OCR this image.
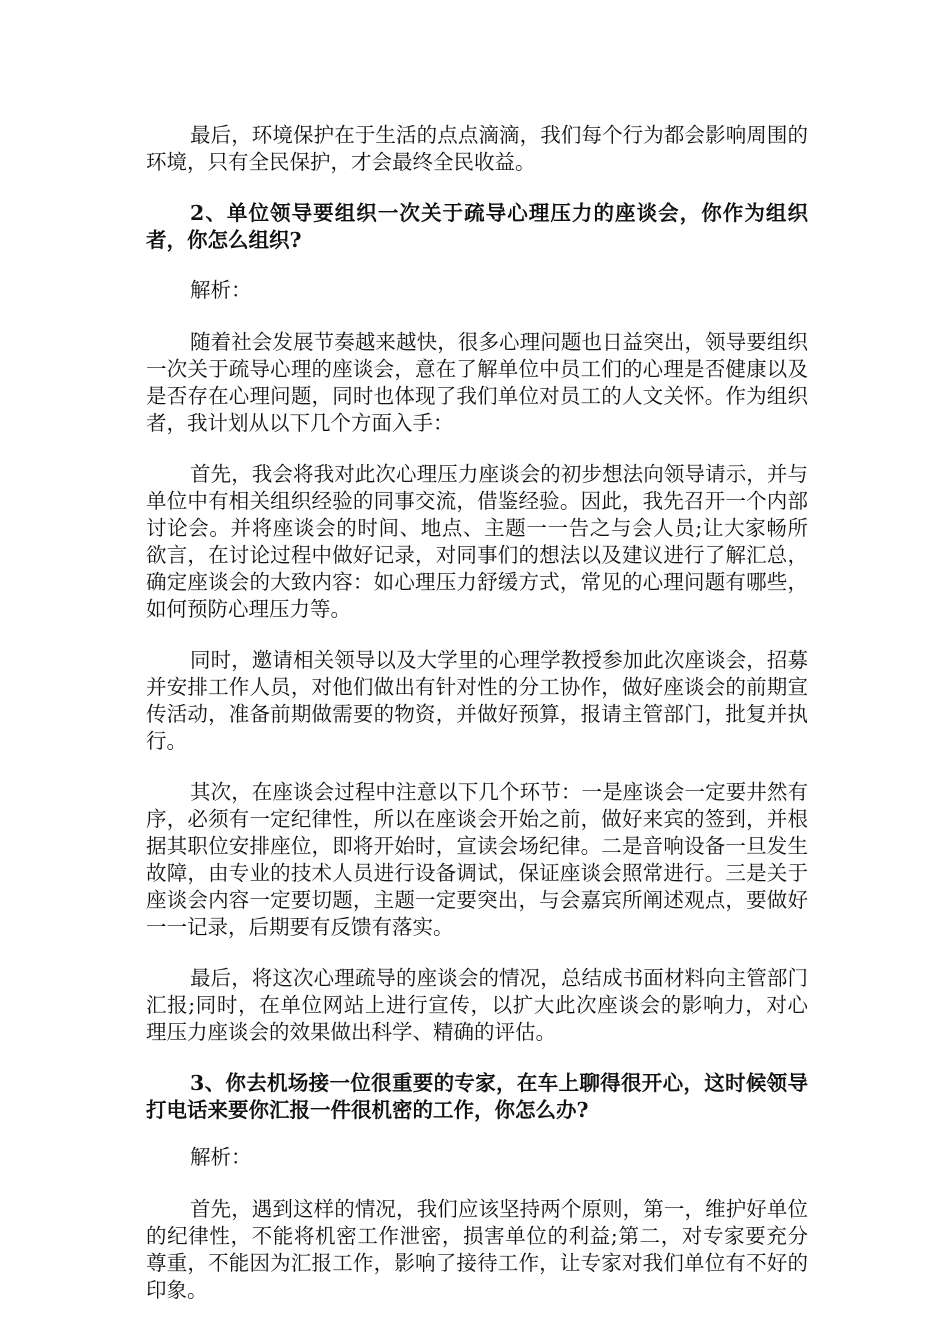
最后，环境保护在于生活的点点滴滴，我们每个行为都会影响周围的环境，只有全民保护，才会最终全民收益。

2、单位领导要组织一次关于疏导心理压力的座谈会，你作为组织者，你怎么组织?

解析：

随着社会发展节奏越来越快，很多心理问题也日益突出，领导要组织一次关于疏导心理的座谈会，意在了解单位中员工们的心理是否健康以及是否存在心理问题，同时也体现了我们单位对员工的人文关怀。作为组织者，我计划从以下几个方面入手：

首先，我会将我对此次心理压力座谈会的初步想法向领导请示，并与单位中有相关组织经验的同事交流，借鉴经验。因此，我先召开一个内部讨论会。并将座谈会的时间、地点、主题一一告之与会人员;让大家畅所欲言，在讨论过程中做好记录，对同事们的想法以及建议进行了解汇总，确定座谈会的大致内容：如心理压力舒缓方式，常见的心理问题有哪些，如何预防心理压力等。

同时，邀请相关领导以及大学里的心理学教授参加此次座谈会，招募并安排工作人员，对他们做出有针对性的分工协作，做好座谈会的前期宣传活动，准备前期做需要的物资，并做好预算，报请主管部门，批复并执行。

其次，在座谈会过程中注意以下几个环节：一是座谈会一定要井然有序，必须有一定纪律性，所以在座谈会开始之前，做好来宾的签到，并根据其职位安排座位，即将开始时，宣读会场纪律。二是音响设备一旦发生故障，由专业的技术人员进行设备调试，保证座谈会照常进行。三是关于座谈会内容一定要切题，主题一定要突出，与会嘉宾所阐述观点，要做好一一记录，后期要有反馈有落实。

最后，将这次心理疏导的座谈会的情况，总结成书面材料向主管部门汇报;同时，在单位网站上进行宣传，以扩大此次座谈会的影响力，对心理压力座谈会的效果做出科学、精确的评估。

3、你去机场接一位很重要的专家，在车上聊得很开心，这时候领导打电话来要你汇报一件很机密的工作，你怎么办?

解析：

首先，遇到这样的情况，我们应该坚持两个原则，第一，维护好单位的纪律性，不能将机密工作泄密，损害单位的利益;第二，对专家要充分尊重，不能因为汇报工作，影响了接待工作，让专家对我们单位有不好的印象。
